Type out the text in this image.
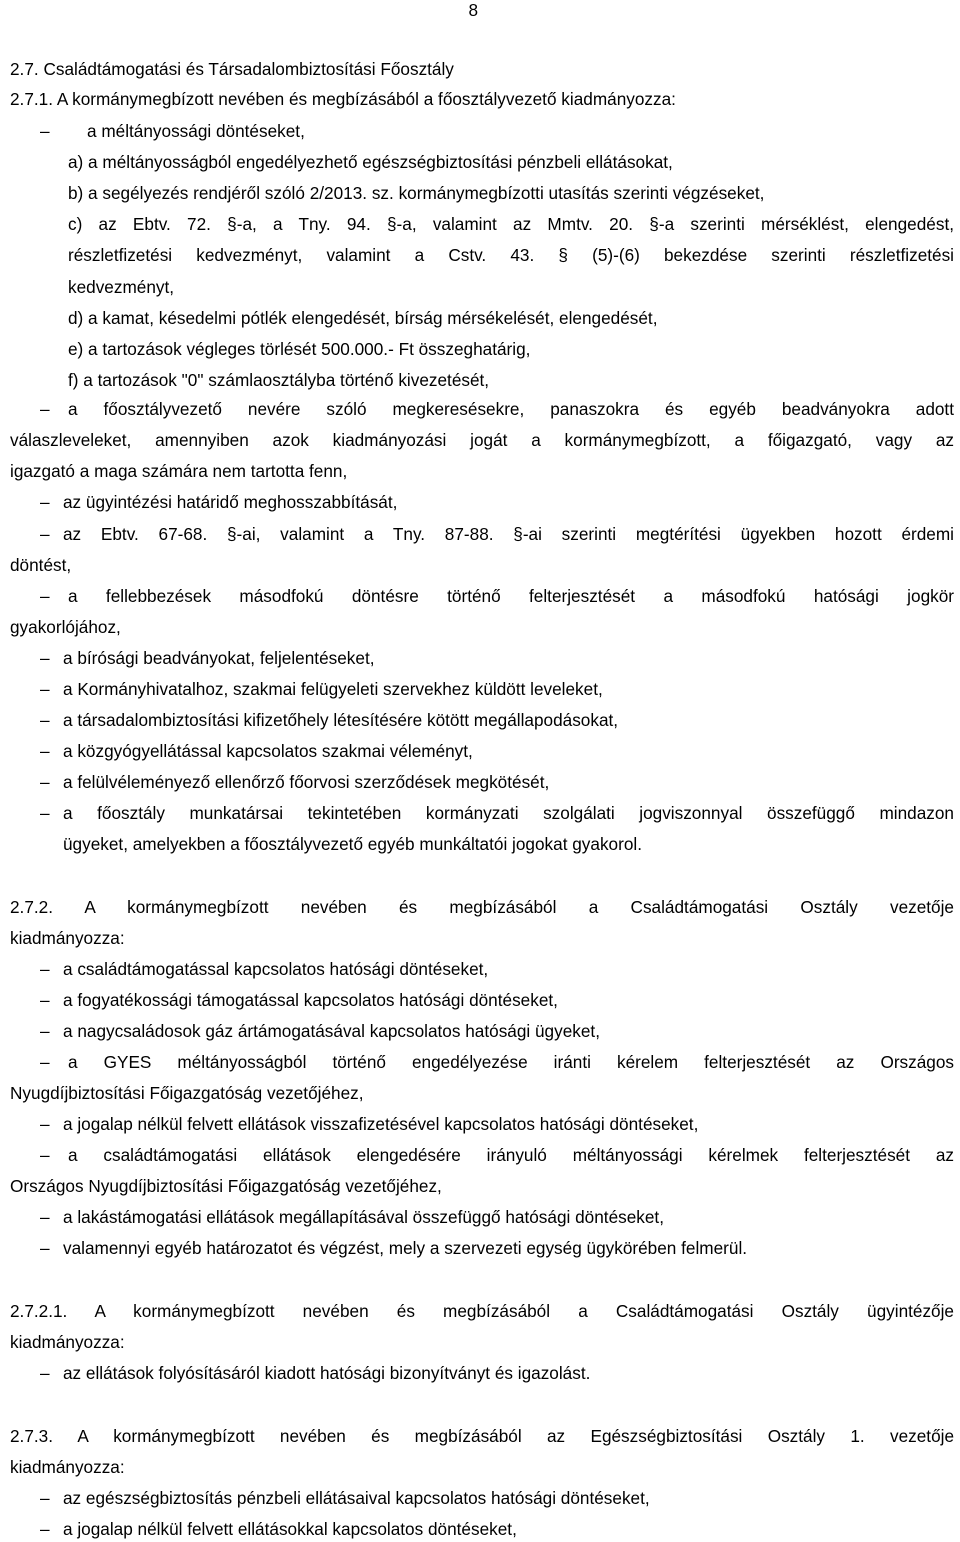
8
2.7. Családtámogatási és Társadalombiztosítási Főosztály
2.7.1. A kormánymegbízott nevében és megbízásából a főosztályvezető kiadmányozza:
– a méltányossági döntéseket,
a) a méltányosságból engedélyezhető egészségbiztosítási pénzbeli ellátásokat,
b) a segélyezés rendjéről szóló 2/2013. sz. kormánymegbízotti utasítás szerinti végzéseket,
c) az Ebtv. 72. §-a, a Tny. 94. §-a, valamint az Mmtv. 20. §-a szerinti mérséklést, elengedést,
részletfizetési kedvezményt, valamint a Cstv. 43. § (5)-(6) bekezdése szerinti részletfizetési
kedvezményt,
d) a kamat, késedelmi pótlék elengedését, bírság mérsékelését, elengedését,
e) a tartozások végleges törlését 500.000.- Ft összeghatárig,
f) a tartozások "0" számlaosztályba történő kivezetését,
– a főosztályvezető nevére szóló megkeresésekre, panaszokra és egyéb beadványokra adott
válaszleveleket, amennyiben azok kiadmányozási jogát a kormánymegbízott, a főigazgató, vagy az
igazgató a maga számára nem tartotta fenn,
– az ügyintézési határidő meghosszabbítását,
– az Ebtv. 67-68. §-ai, valamint a Tny. 87-88. §-ai szerinti megtérítési ügyekben hozott érdemi
döntést,
– a fellebbezések másodfokú döntésre történő felterjesztését a másodfokú hatósági jogkör
gyakorlójához,
– a bírósági beadványokat, feljelentéseket,
– a Kormányhivatalhoz, szakmai felügyeleti szervekhez küldött leveleket,
– a társadalombiztosítási kifizetőhely létesítésére kötött megállapodásokat,
– a közgyógyellátással kapcsolatos szakmai véleményt,
– a felülvéleményező ellenőrző főorvosi szerződések megkötését,
– a főosztály munkatársai tekintetében kormányzati szolgálati jogviszonnyal összefüggő mindazon
ügyeket, amelyekben a főosztályvezető egyéb munkáltatói jogokat gyakorol.
2.7.2. A kormánymegbízott nevében és megbízásából a Családtámogatási Osztály vezetője
kiadmányozza:
– a családtámogatással kapcsolatos hatósági döntéseket,
– a fogyatékossági támogatással kapcsolatos hatósági döntéseket,
– a nagycsaládosok gáz ártámogatásával kapcsolatos hatósági ügyeket,
– a GYES méltányosságból történő engedélyezése iránti kérelem felterjesztését az Országos
Nyugdíjbiztosítási Főigazgatóság vezetőjéhez,
– a jogalap nélkül felvett ellátások visszafizetésével kapcsolatos hatósági döntéseket,
– a családtámogatási ellátások elengedésére irányuló méltányossági kérelmek felterjesztését az
Országos Nyugdíjbiztosítási Főigazgatóság vezetőjéhez,
– a lakástámogatási ellátások megállapításával összefüggő hatósági döntéseket,
– valamennyi egyéb határozatot és végzést, mely a szervezeti egység ügykörében felmerül.
2.7.2.1. A kormánymegbízott nevében és megbízásából a Családtámogatási Osztály ügyintézője
kiadmányozza:
– az ellátások folyósításáról kiadott hatósági bizonyítványt és igazolást.
2.7.3. A kormánymegbízott nevében és megbízásából az Egészségbiztosítási Osztály 1. vezetője
kiadmányozza:
– az egészségbiztosítás pénzbeli ellátásaival kapcsolatos hatósági döntéseket,
– a jogalap nélkül felvett ellátásokkal kapcsolatos döntéseket,
